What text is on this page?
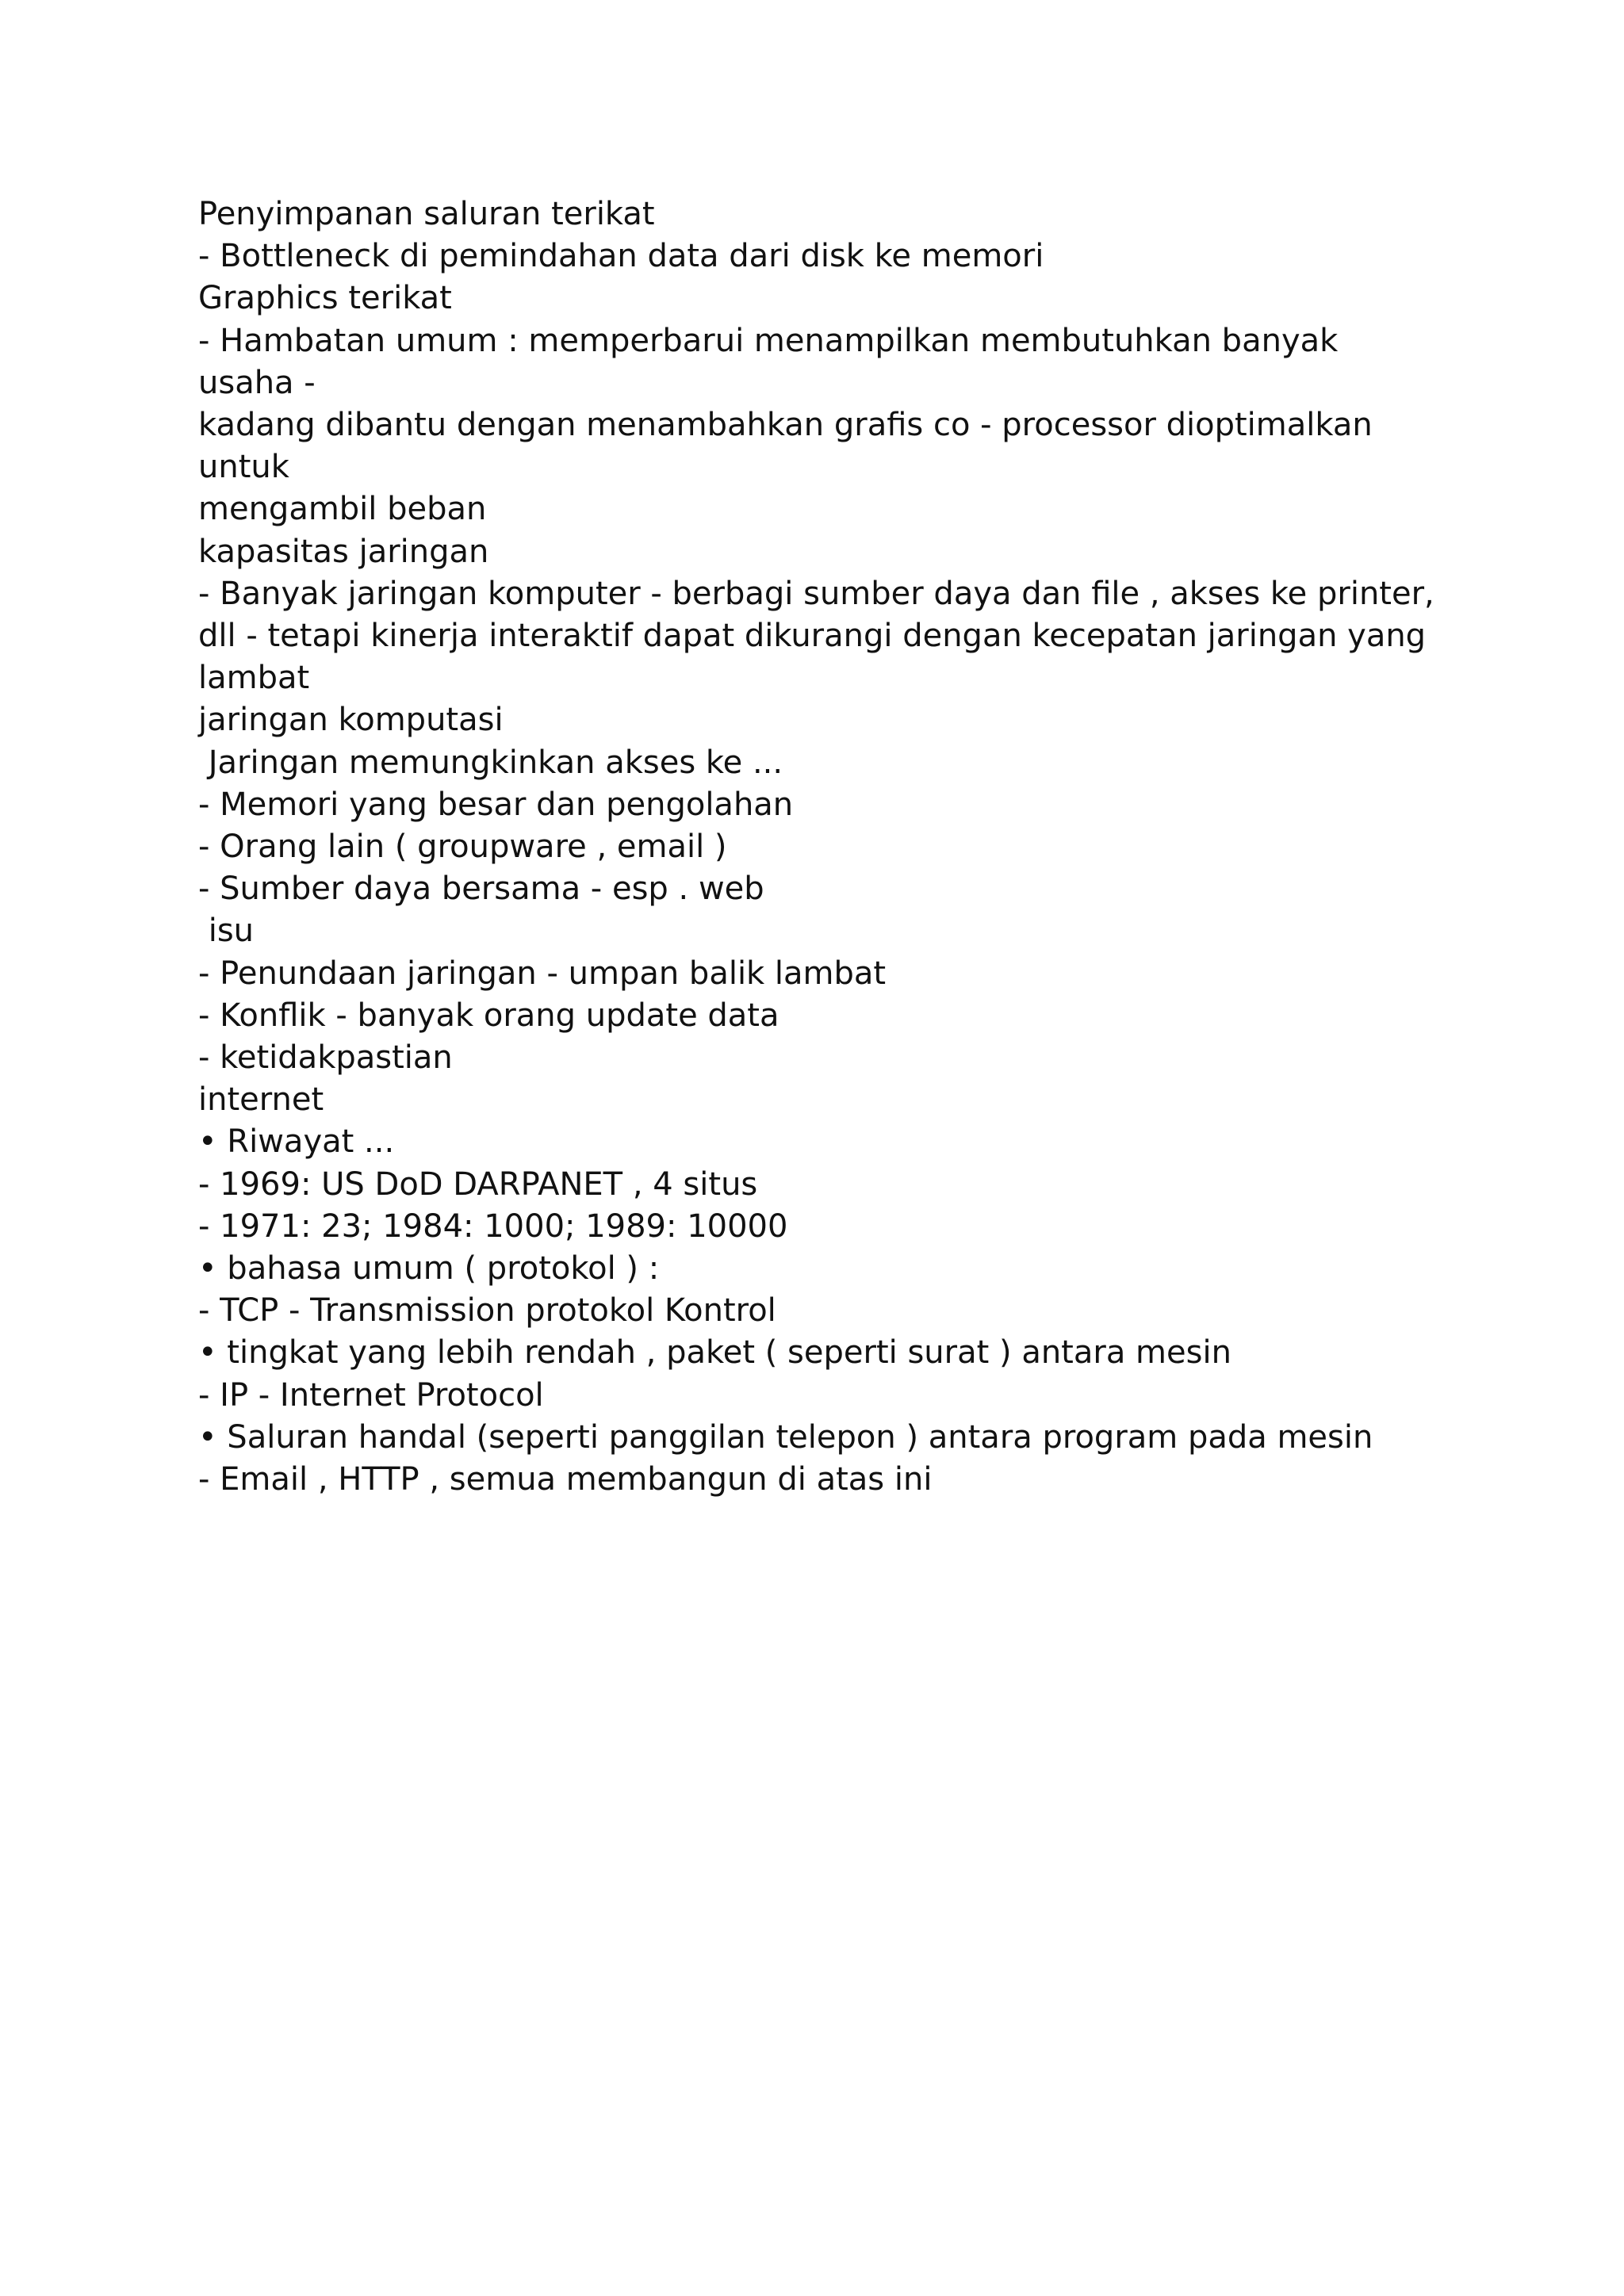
Penyimpanan saluran terikat
- Bottleneck di pemindahan data dari disk ke memori
Graphics terikat
- Hambatan umum : memperbarui menampilkan membutuhkan banyak usaha -
kadang dibantu dengan menambahkan grafis co - processor dioptimalkan untuk
mengambil beban
kapasitas jaringan
- Banyak jaringan komputer - berbagi sumber daya dan file , akses ke printer,
dll - tetapi kinerja interaktif dapat dikurangi dengan kecepatan jaringan yang
lambat
jaringan komputasi
Jaringan memungkinkan akses ke ...
- Memori yang besar dan pengolahan
- Orang lain ( groupware , email )
- Sumber daya bersama - esp . web
isu
- Penundaan jaringan - umpan balik lambat
- Konflik - banyak orang update data
- ketidakpastian
internet
• Riwayat ...
- 1969: US DoD DARPANET , 4 situs
- 1971: 23; 1984: 1000; 1989: 10000
• bahasa umum ( protokol ) :
- TCP - Transmission protokol Kontrol
• tingkat yang lebih rendah , paket ( seperti surat ) antara mesin
- IP - Internet Protocol
• Saluran handal (seperti panggilan telepon ) antara program pada mesin
- Email , HTTP , semua membangun di atas ini
